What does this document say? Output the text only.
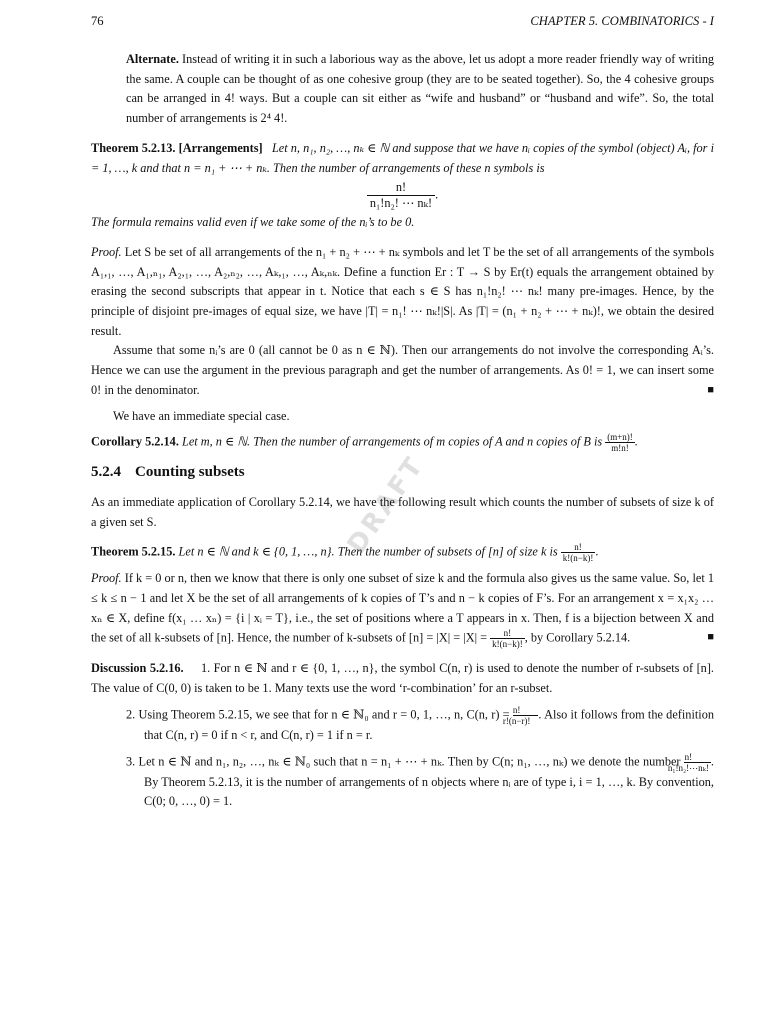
76	CHAPTER 5. COMBINATORICS - I
DRAFT

Alternate. Instead of writing it in such a laborious way as the above, let us adopt a more reader friendly way of writing the same. A couple can be thought of as one cohesive group (they are to be seated together). So, the 4 cohesive groups can be arranged in 4! ways. But a couple can sit either as “wife and husband” or “husband and wife”. So, the total number of arrangements is 2⁴ 4!.

Theorem 5.2.13. [Arrangements] Let n, n₁, n₂, …, nₖ ∈ ℕ and suppose that we have nᵢ copies of the symbol (object) Aᵢ, for i = 1, …, k and that n = n₁ + ⋯ + nₖ. Then the number of arrangements of these n symbols is

$\frac{n!}{\text{n₁!n₂! ⋯ nₖ!}}$ .

The formula remains valid even if we take some of the nᵢ’s to be 0.

Proof. Let S be set of all arrangements of the n₁ + n₂ + ⋯ + nₖ symbols and let T be the set of all arrangements of the symbols A₁,₁, …, A₁,ₙ₁, A₂,₁, …, A₂,ₙ₂, …, Aₖ,₁, …, Aₖ,ₙₖ. Define a function Er : T → S by Er(t) equals the arrangement obtained by erasing the second subscripts that appear in t. Notice that each s ∈ S has n₁!n₂! ⋯ nₖ! many pre-images. Hence, by the principle of disjoint pre-images of equal size, we have |T| = n₁! ⋯ nₖ!|S|. As |T| = (n₁ + n₂ + ⋯ + nₖ)!, we obtain the desired result.

Assume that some nᵢ’s are 0 (all cannot be 0 as n ∈ ℕ). Then our arrangements do not involve the corresponding Aᵢ’s. Hence we can use the argument in the previous paragraph and get the number of arrangements. As 0! = 1, we can insert some 0! in the denominator.	■

We have an immediate special case.

Corollary 5.2.14. Let m, n ∈ ℕ. Then the number of arrangements of m copies of A and n copies of B is $\frac{(m+n)!}{m!n!}$ .

5.2.4 Counting subsets

As an immediate application of Corollary 5.2.14, we have the following result which counts the number of subsets of size k of a given set S.

Theorem 5.2.15. Let n ∈ ℕ and k ∈ {0, 1, …, n}. Then the number of subsets of [n] of size k is $\frac{n!}{k!(n-k)!}$ .

Proof. If k = 0 or n, then we know that there is only one subset of size k and the formula also gives us the same value. So, let 1 ≤ k ≤ n − 1 and let X be the set of all arrangements of k copies of T’s and n − k copies of F’s. For an arrangement x = x₁x₂ … xₙ ∈ X, define f(x₁ … xₙ) = {i | xᵢ = T}, i.e., the set of positions where a T appears in x. Then, f is a bijection between X and the set of all k-subsets of [n]. Hence, the number of k-subsets of $[n] = |X| = |X| = \frac{n!}{k!(n-k)!}$ , by Corollary 5.2.14.	■

Discussion 5.2.16. 1. For n ∈ ℕ and r ∈ {0, 1, …, n}, the symbol C(n, r) is used to denote the number of r-subsets of [n]. The value of C(0, 0) is taken to be 1. Many texts use the word ‘r-combination’ for an r-subset.

2. Using Theorem 5.2.15, we see that for n ∈ ℕ₀ and r = 0, 1, …, n, C(n, $r) = \frac{n!}{r!(n-r)!}$ . Also it follows from the definition that C(n, r) = 0 if n < r, and C(n, r) = 1 if n = r.

3. Let n ∈ ℕ and n₁, n₂, …, nₖ ∈ ℕ₀ such that n = n₁ + ⋯ + nₖ. Then by C(n; n₁, …, nₖ) we denote the number $\frac{n!}{\text{n₁!n₂!⋯nₖ!}}$ . By Theorem 5.2.13, it is the number of arrangements of n objects where nᵢ are of type i, i = 1, …, k. By convention, C(0; 0, …, 0) = 1.
